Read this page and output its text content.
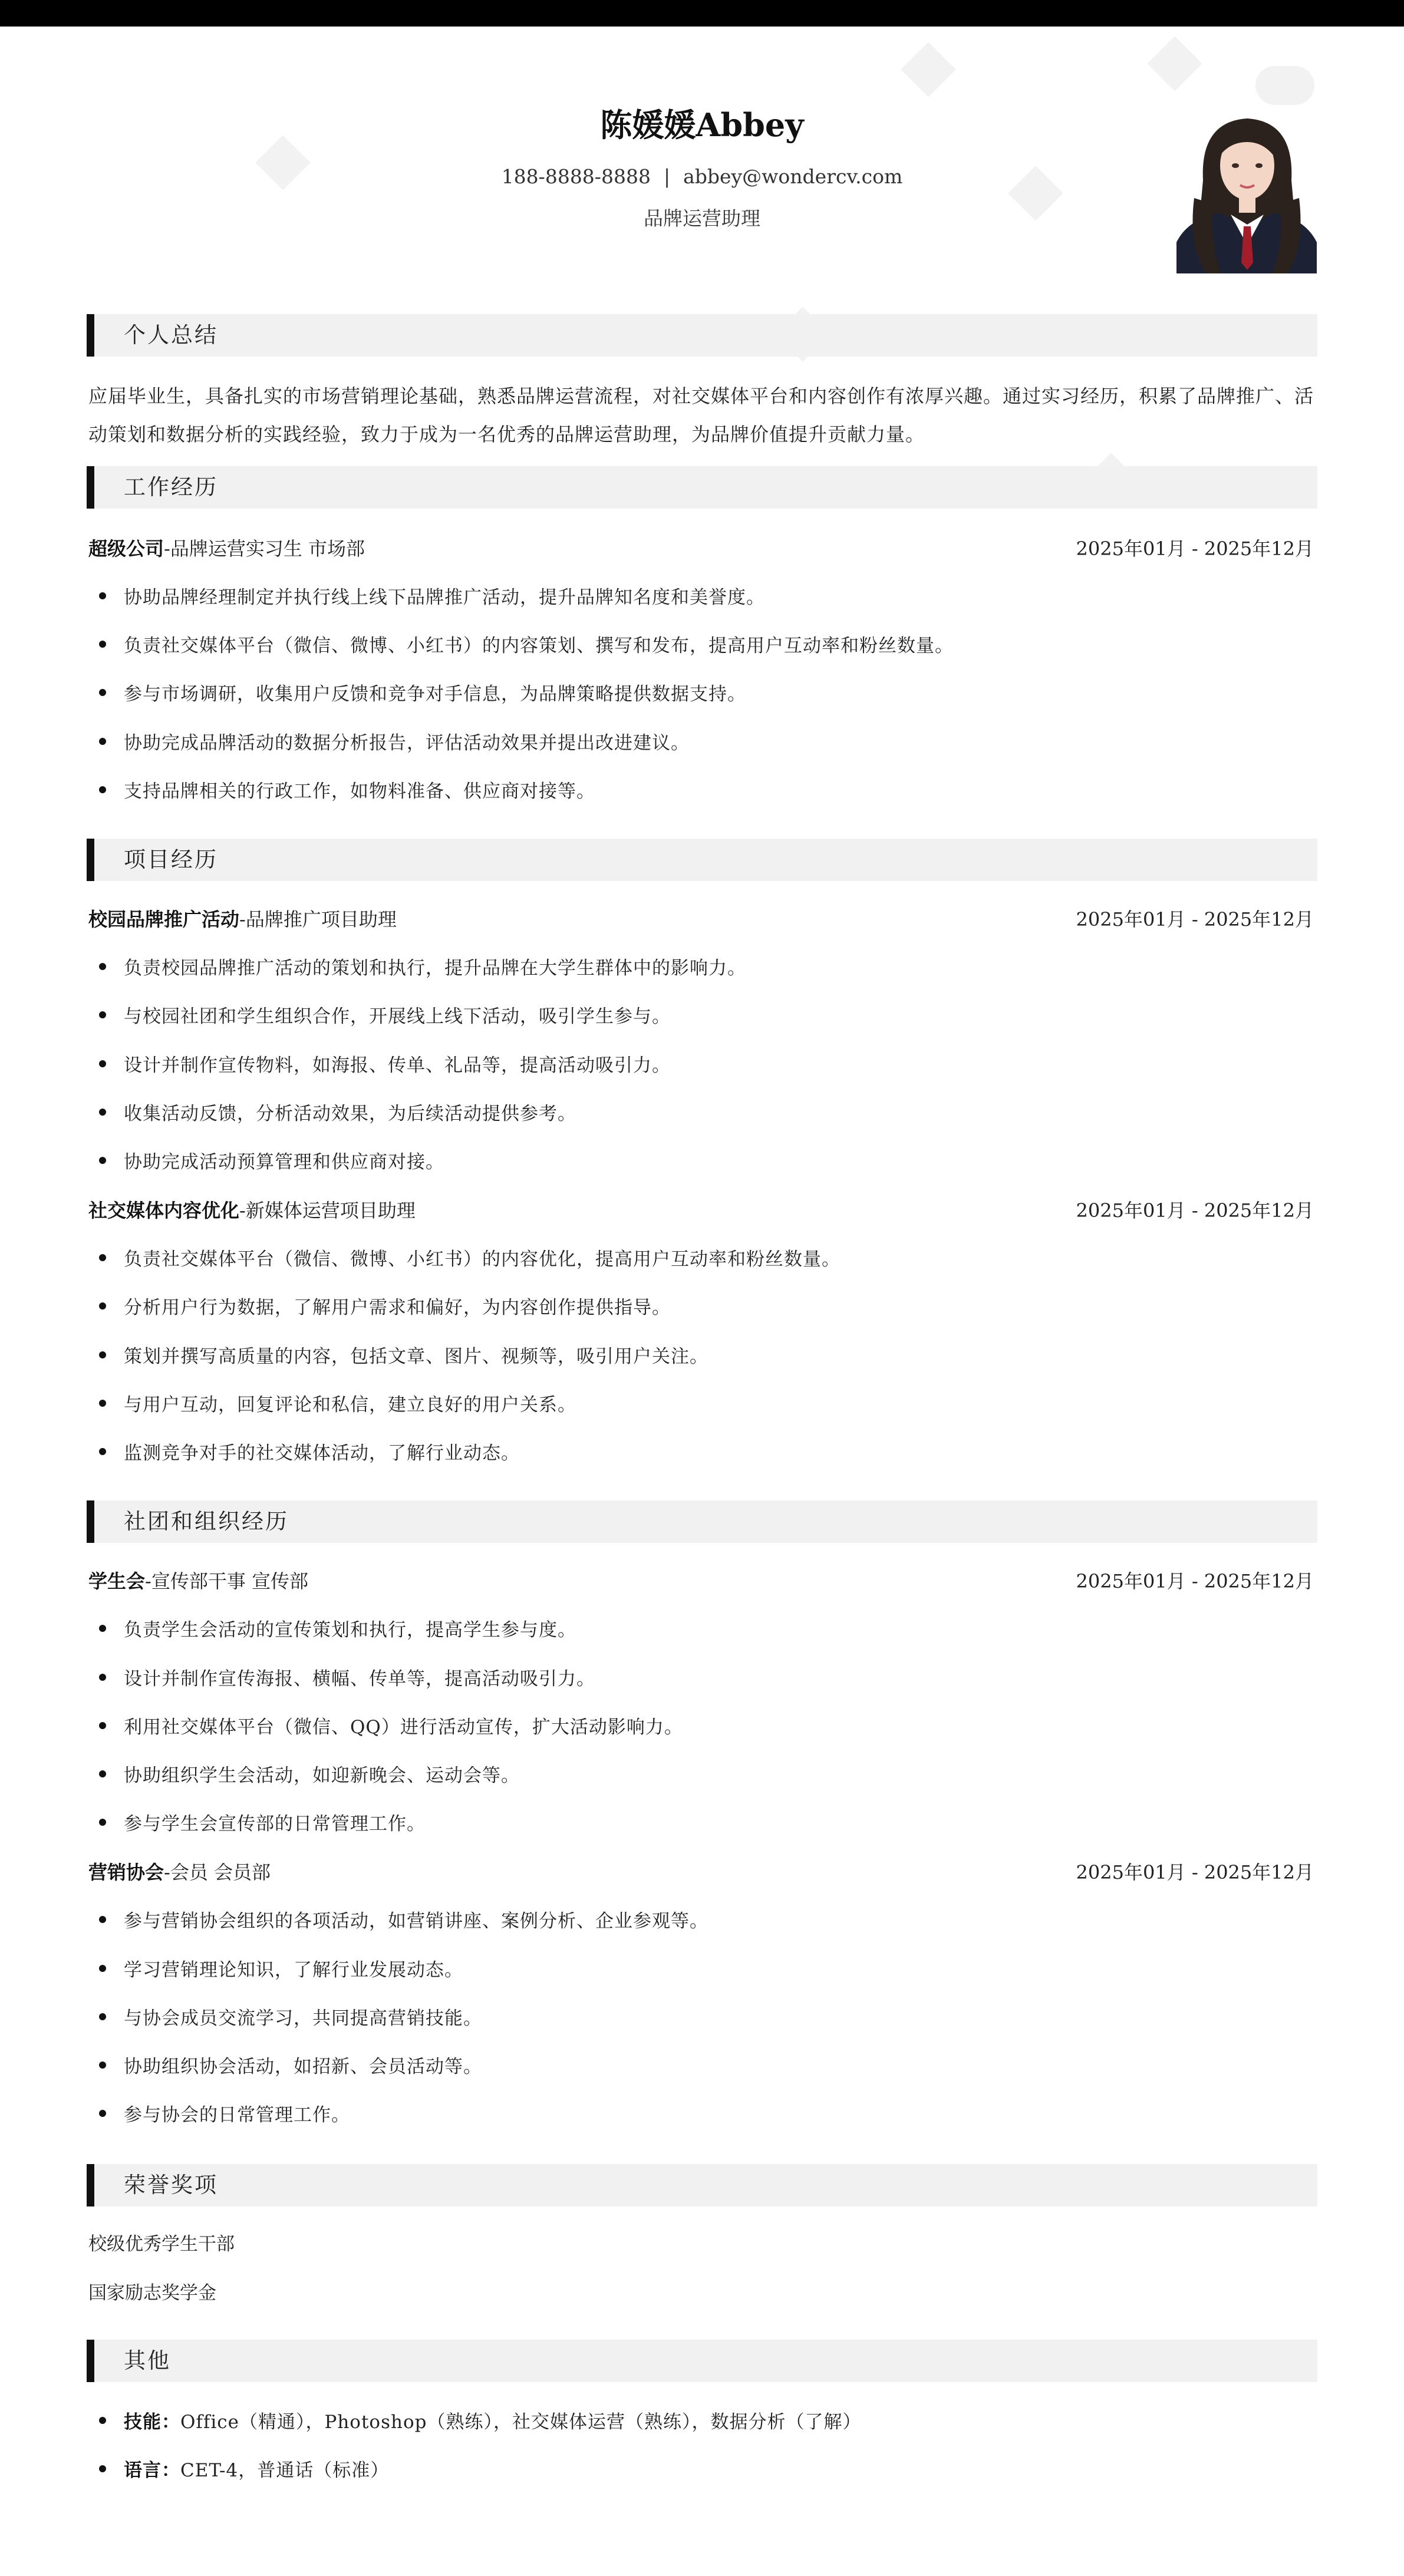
陈媛媛Abbey
188-8888-8888 | abbey@wondercv.com
品牌运营助理
个人总结
应届毕业生，具备扎实的市场营销理论基础，熟悉品牌运营流程，对社交媒体平台和内容创作有浓厚兴趣。通过实习经历，积累了品牌推广、活动策划和数据分析的实践经验，致力于成为一名优秀的品牌运营助理，为品牌价值提升贡献力量。
工作经历
超级公司-品牌运营实习生 市场部	2025年01月 - 2025年12月
协助品牌经理制定并执行线上线下品牌推广活动，提升品牌知名度和美誉度。
负责社交媒体平台（微信、微博、小红书）的内容策划、撰写和发布，提高用户互动率和粉丝数量。
参与市场调研，收集用户反馈和竞争对手信息，为品牌策略提供数据支持。
协助完成品牌活动的数据分析报告，评估活动效果并提出改进建议。
支持品牌相关的行政工作，如物料准备、供应商对接等。
项目经历
校园品牌推广活动-品牌推广项目助理	2025年01月 - 2025年12月
负责校园品牌推广活动的策划和执行，提升品牌在大学生群体中的影响力。
与校园社团和学生组织合作，开展线上线下活动，吸引学生参与。
设计并制作宣传物料，如海报、传单、礼品等，提高活动吸引力。
收集活动反馈，分析活动效果，为后续活动提供参考。
协助完成活动预算管理和供应商对接。
社交媒体内容优化-新媒体运营项目助理	2025年01月 - 2025年12月
负责社交媒体平台（微信、微博、小红书）的内容优化，提高用户互动率和粉丝数量。
分析用户行为数据，了解用户需求和偏好，为内容创作提供指导。
策划并撰写高质量的内容，包括文章、图片、视频等，吸引用户关注。
与用户互动，回复评论和私信，建立良好的用户关系。
监测竞争对手的社交媒体活动，了解行业动态。
社团和组织经历
学生会-宣传部干事 宣传部	2025年01月 - 2025年12月
负责学生会活动的宣传策划和执行，提高学生参与度。
设计并制作宣传海报、横幅、传单等，提高活动吸引力。
利用社交媒体平台（微信、QQ）进行活动宣传，扩大活动影响力。
协助组织学生会活动，如迎新晚会、运动会等。
参与学生会宣传部的日常管理工作。
营销协会-会员 会员部	2025年01月 - 2025年12月
参与营销协会组织的各项活动，如营销讲座、案例分析、企业参观等。
学习营销理论知识，了解行业发展动态。
与协会成员交流学习，共同提高营销技能。
协助组织协会活动，如招新、会员活动等。
参与协会的日常管理工作。
荣誉奖项
校级优秀学生干部
国家励志奖学金
其他
技能：Office（精通），Photoshop（熟练），社交媒体运营（熟练），数据分析（了解）
语言：CET-4，普通话（标准）
